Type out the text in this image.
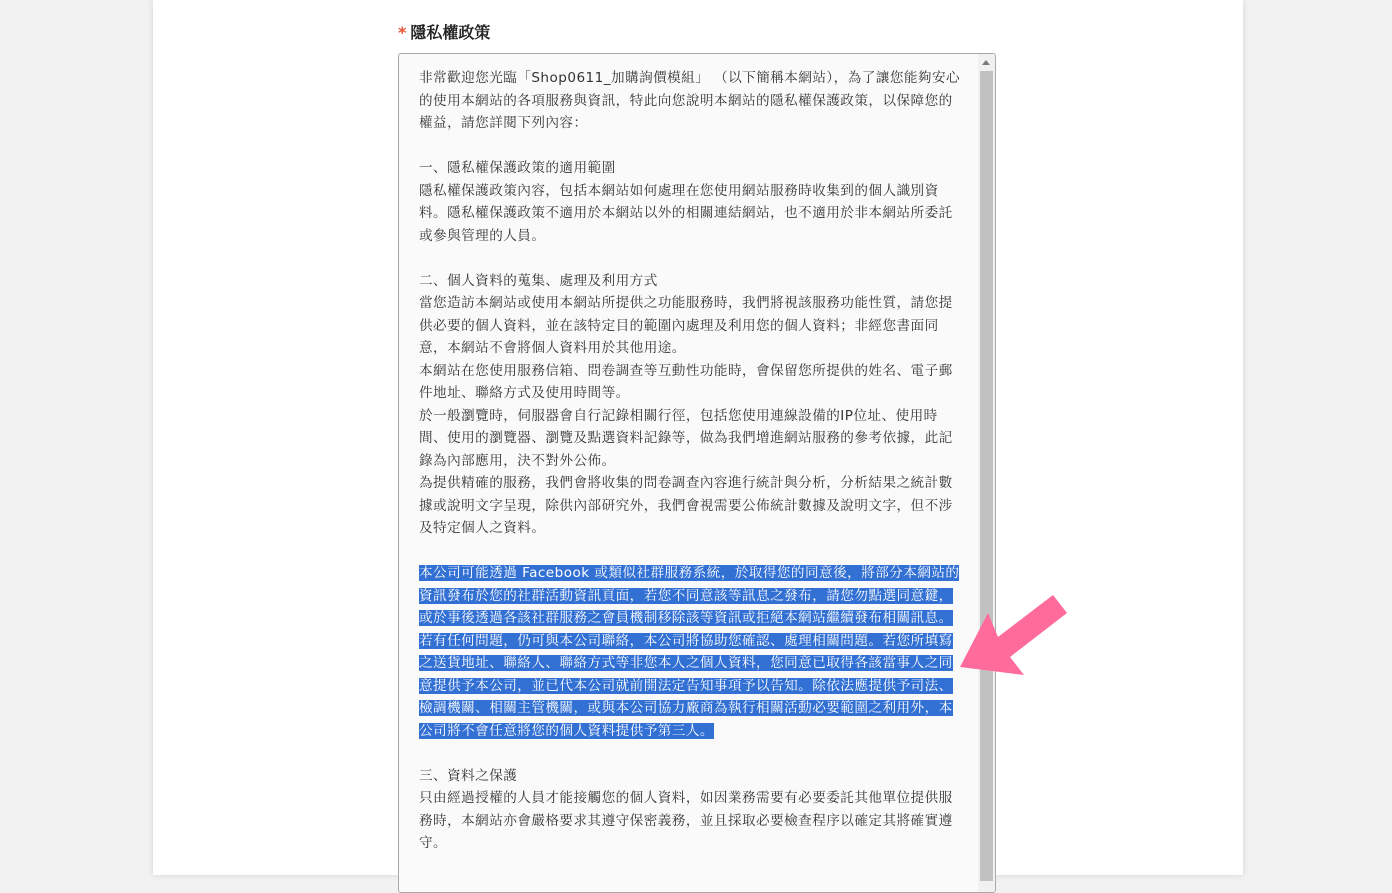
* 隱私權政策

非常歡迎您光臨「Shop0611_加購詢價模組」 （以下簡稱本網站），為了讓您能夠安心的使用本網站的各項服務與資訊，特此向您說明本網站的隱私權保護政策，以保障您的權益，請您詳閱下列內容：

一、隱私權保護政策的適用範圍

隱私權保護政策內容，包括本網站如何處理在您使用網站服務時收集到的個人識別資料。隱私權保護政策不適用於本網站以外的相關連結網站，也不適用於非本網站所委託或參與管理的人員。

二、個人資料的蒐集、處理及利用方式

當您造訪本網站或使用本網站所提供之功能服務時，我們將視該服務功能性質，請您提供必要的個人資料，並在該特定目的範圍內處理及利用您的個人資料；非經您書面同意，本網站不會將個人資料用於其他用途。

本網站在您使用服務信箱、問卷調查等互動性功能時，會保留您所提供的姓名、電子郵件地址、聯絡方式及使用時間等。

於一般瀏覽時，伺服器會自行記錄相關行徑，包括您使用連線設備的IP位址、使用時間、使用的瀏覽器、瀏覽及點選資料記錄等，做為我們增進網站服務的參考依據，此記錄為內部應用，決不對外公佈。

為提供精確的服務，我們會將收集的問卷調查內容進行統計與分析，分析結果之統計數據或說明文字呈現，除供內部研究外，我們會視需要公佈統計數據及說明文字，但不涉及特定個人之資料。

本公司可能透過 Facebook 或類似社群服務系統，於取得您的同意後，將部分本網站的資訊發布於您的社群活動資訊頁面，若您不同意該等訊息之發布，請您勿點選同意鍵，或於事後透過各該社群服務之會員機制移除該等資訊或拒絕本網站繼續發布相關訊息。若有任何問題，仍可與本公司聯絡，本公司將協助您確認、處理相關問題。若您所填寫之送貨地址、聯絡人、聯絡方式等非您本人之個人資料，您同意已取得各該當事人之同意提供予本公司，並已代本公司就前開法定告知事項予以告知。除依法應提供予司法、檢調機關、相關主管機關，或與本公司協力廠商為執行相關活動必要範圍之利用外，本公司將不會任意將您的個人資料提供予第三人。

三、資料之保護

只由經過授權的人員才能接觸您的個人資料，如因業務需要有必要委託其他單位提供服務時，本網站亦會嚴格要求其遵守保密義務，並且採取必要檢查程序以確定其將確實遵守。
